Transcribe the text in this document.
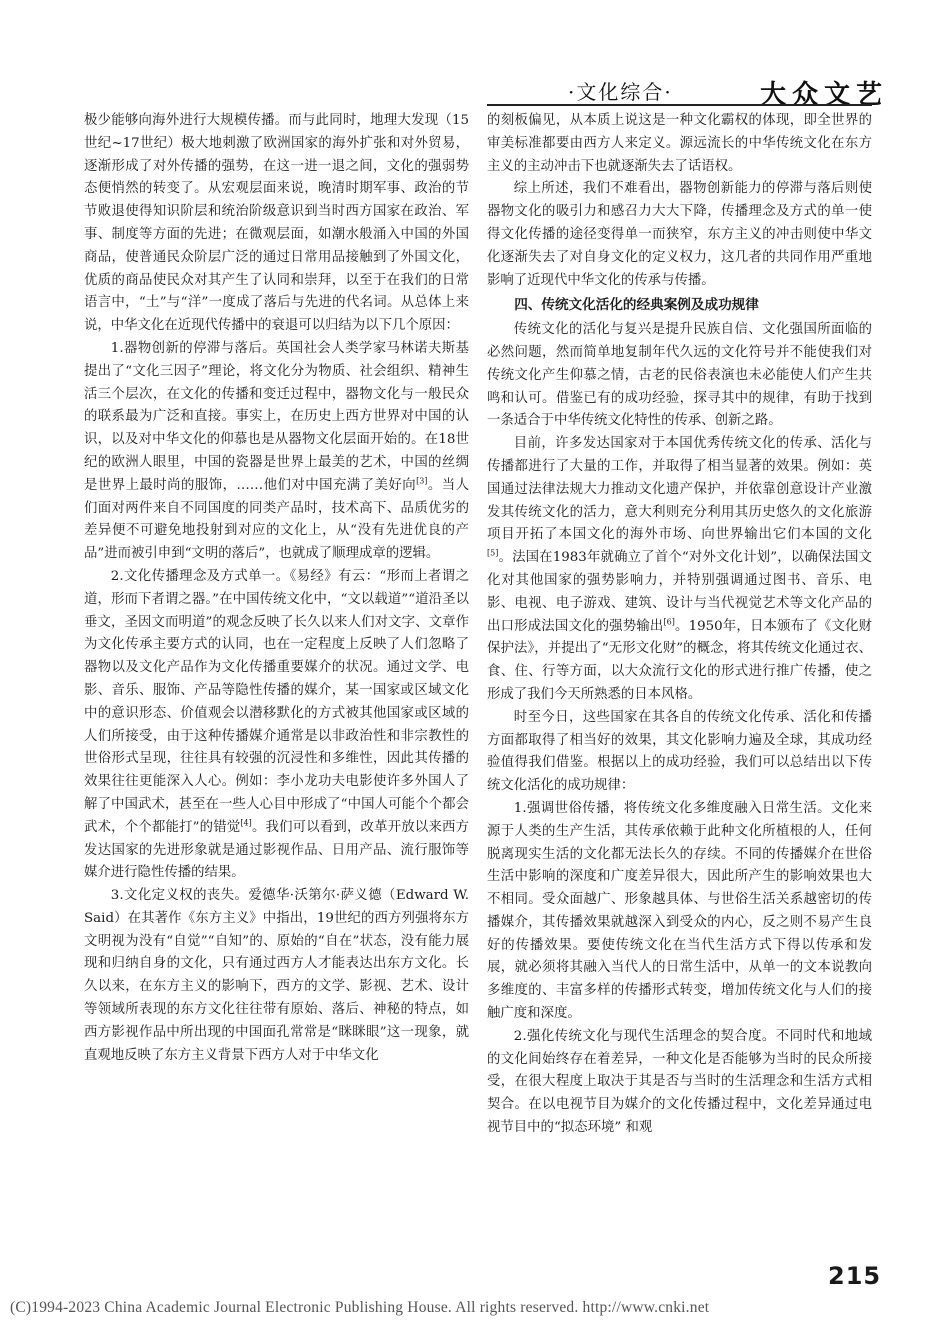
·文化综合·	大众文艺

极少能够向海外进行大规模传播。而与此同时，地理大发现（15世纪~17世纪）极大地刺激了欧洲国家的海外扩张和对外贸易，逐渐形成了对外传播的强势，在这一进一退之间，文化的强弱势态便悄然的转变了。从宏观层面来说，晚清时期军事、政治的节节败退使得知识阶层和统治阶级意识到当时西方国家在政治、军事、制度等方面的先进；在微观层面，如潮水般涌入中国的外国商品，使普通民众阶层广泛的通过日常用品接触到了外国文化，优质的商品使民众对其产生了认同和崇拜，以至于在我们的日常语言中，“土”与“洋”一度成了落后与先进的代名词。从总体上来说，中华文化在近现代传播中的衰退可以归结为以下几个原因：

1.器物创新的停滞与落后。英国社会人类学家马林诺夫斯基提出了“文化三因子”理论，将文化分为物质、社会组织、精神生活三个层次，在文化的传播和变迁过程中，器物文化与一般民众的联系最为广泛和直接。事实上，在历史上西方世界对中国的认识，以及对中华文化的仰慕也是从器物文化层面开始的。在18世纪的欧洲人眼里，中国的瓷器是世界上最美的艺术，中国的丝绸是世界上最时尚的服饰，……他们对中国充满了美好向[3]。当人们面对两件来自不同国度的同类产品时，技术高下、品质优劣的差异便不可避免地投射到对应的文化上，从“没有先进优良的产品”进而被引申到“文明的落后”，也就成了顺理成章的逻辑。

2.文化传播理念及方式单一。《易经》有云：“形而上者谓之道，形而下者谓之器。”在中国传统文化中，“文以载道”“道沿圣以垂文，圣因文而明道”的观念反映了长久以来人们对文字、文章作为文化传承主要方式的认同，也在一定程度上反映了人们忽略了器物以及文化产品作为文化传播重要媒介的状况。通过文学、电影、音乐、服饰、产品等隐性传播的媒介，某一国家或区域文化中的意识形态、价值观会以潜移默化的方式被其他国家或区域的人们所接受，由于这种传播媒介通常是以非政治性和非宗教性的世俗形式呈现，往往具有较强的沉浸性和多维性，因此其传播的效果往往更能深入人心。例如：李小龙功夫电影使许多外国人了解了中国武术，甚至在一些人心目中形成了“中国人可能个个都会武术，个个都能打”的错觉[4]。我们可以看到，改革开放以来西方发达国家的先进形象就是通过影视作品、日用产品、流行服饰等媒介进行隐性传播的结果。

3.文化定义权的丧失。爱德华·沃第尔·萨义德（Edward W. Said）在其著作《东方主义》中指出，19世纪的西方列强将东方文明视为没有“自觉”“自知”的、原始的“自在”状态，没有能力展现和归纳自身的文化，只有通过西方人才能表达出东方文化。长久以来，在东方主义的影响下，西方的文学、影视、艺术、设计等领域所表现的东方文化往往带有原始、落后、神秘的特点，如西方影视作品中所出现的中国面孔常常是“眯眯眼”这一现象，就直观地反映了东方主义背景下西方人对于中华文化

的刻板偏见，从本质上说这是一种文化霸权的体现，即全世界的审美标准都要由西方人来定义。源远流长的中华传统文化在东方主义的主动冲击下也就逐渐失去了话语权。

综上所述，我们不难看出，器物创新能力的停滞与落后则使器物文化的吸引力和感召力大大下降，传播理念及方式的单一使得文化传播的途径变得单一而狭窄，东方主义的冲击则使中华文化逐渐失去了对自身文化的定义权力，这几者的共同作用严重地影响了近现代中华文化的传承与传播。

四、传统文化活化的经典案例及成功规律

传统文化的活化与复兴是提升民族自信、文化强国所面临的必然问题，然而简单地复制年代久远的文化符号并不能使我们对传统文化产生仰慕之情，古老的民俗表演也未必能使人们产生共鸣和认可。借鉴已有的成功经验，探寻其中的规律，有助于找到一条适合于中华传统文化特性的传承、创新之路。

目前，许多发达国家对于本国优秀传统文化的传承、活化与传播都进行了大量的工作，并取得了相当显著的效果。例如：英国通过法律法规大力推动文化遗产保护，并依靠创意设计产业激发其传统文化的活力，意大利则充分利用其历史悠久的文化旅游项目开拓了本国文化的海外市场、向世界输出它们本国的文化[5]。法国在1983年就确立了首个“对外文化计划”，以确保法国文化对其他国家的强势影响力，并特别强调通过图书、音乐、电影、电视、电子游戏、建筑、设计与当代视觉艺术等文化产品的出口形成法国文化的强势输出[6]。1950年，日本颁布了《文化财保护法》，并提出了“无形文化财”的概念，将其传统文化通过衣、食、住、行等方面，以大众流行文化的形式进行推广传播，使之形成了我们今天所熟悉的日本风格。

时至今日，这些国家在其各自的传统文化传承、活化和传播方面都取得了相当好的效果，其文化影响力遍及全球，其成功经验值得我们借鉴。根据以上的成功经验，我们可以总结出以下传统文化活化的成功规律：

1.强调世俗传播，将传统文化多维度融入日常生活。文化来源于人类的生产生活，其传承依赖于此种文化所植根的人，任何脱离现实生活的文化都无法长久的存续。不同的传播媒介在世俗生活中影响的深度和广度差异很大，因此所产生的影响效果也大不相同。受众面越广、形象越具体、与世俗生活关系越密切的传播媒介，其传播效果就越深入到受众的内心，反之则不易产生良好的传播效果。要使传统文化在当代生活方式下得以传承和发展，就必须将其融入当代人的日常生活中，从单一的文本说教向多维度的、丰富多样的传播形式转变，增加传统文化与人们的接触广度和深度。

2.强化传统文化与现代生活理念的契合度。不同时代和地域的文化间始终存在着差异，一种文化是否能够为当时的民众所接受，在很大程度上取决于其是否与当时的生活理念和生活方式相契合。在以电视节目为媒介的文化传播过程中，文化差异通过电视节目中的“拟态环境” 和观

215
(C)1994-2023 China Academic Journal Electronic Publishing House. All rights reserved. http://www.cnki.net
